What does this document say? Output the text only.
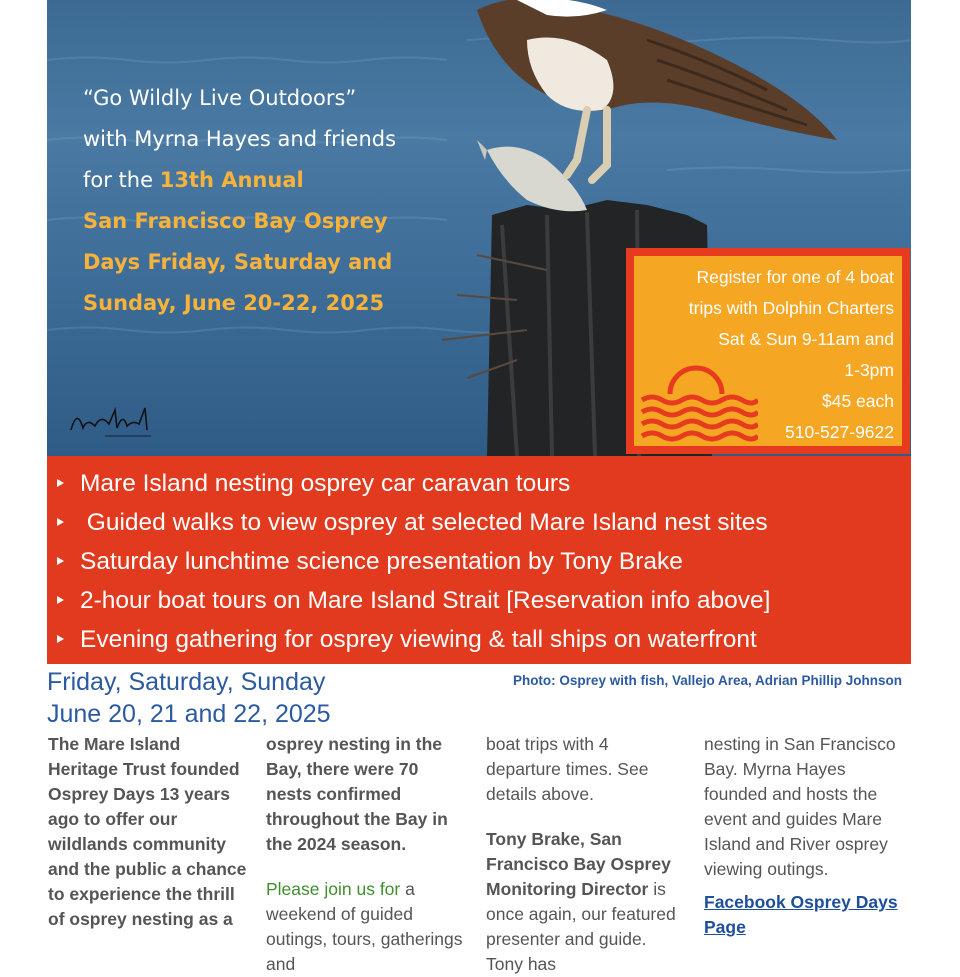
“Go Wildly Live Outdoors”
with Myrna Hayes and friends
for the 13th Annual
San Francisco Bay Osprey
Days Friday, Saturday and
Sunday, June 20-22, 2025
Register for one of 4 boat
trips with Dolphin Charters
Sat & Sun 9-11am and
1-3pm
$45 each
510-527-9622
Mare Island nesting osprey car caravan tours
Guided walks to view osprey at selected Mare Island nest sites
Saturday lunchtime science presentation by Tony Brake
2-hour boat tours on Mare Island Strait [Reservation info above]
Evening gathering for osprey viewing & tall ships on waterfront
Friday, Saturday, Sunday
June 20, 21 and 22, 2025
Photo: Osprey with fish, Vallejo Area, Adrian Phillip Johnson

The Mare Island Heritage Trust founded Osprey Days 13 years ago to offer our wildlands community and the public a chance to experience the thrill of osprey nesting as a

osprey nesting in the Bay, there were 70 nests confirmed throughout the Bay in the 2024 season.

Please join us for a weekend of guided outings, tours, gatherings and

boat trips with 4 departure times. See details above.

Tony Brake, San Francisco Bay Osprey Monitoring Director is once again, our featured presenter and guide. Tony has

nesting in San Francisco Bay. Myrna Hayes founded and hosts the event and guides Mare Island and River osprey viewing outings.

Facebook Osprey Days Page
